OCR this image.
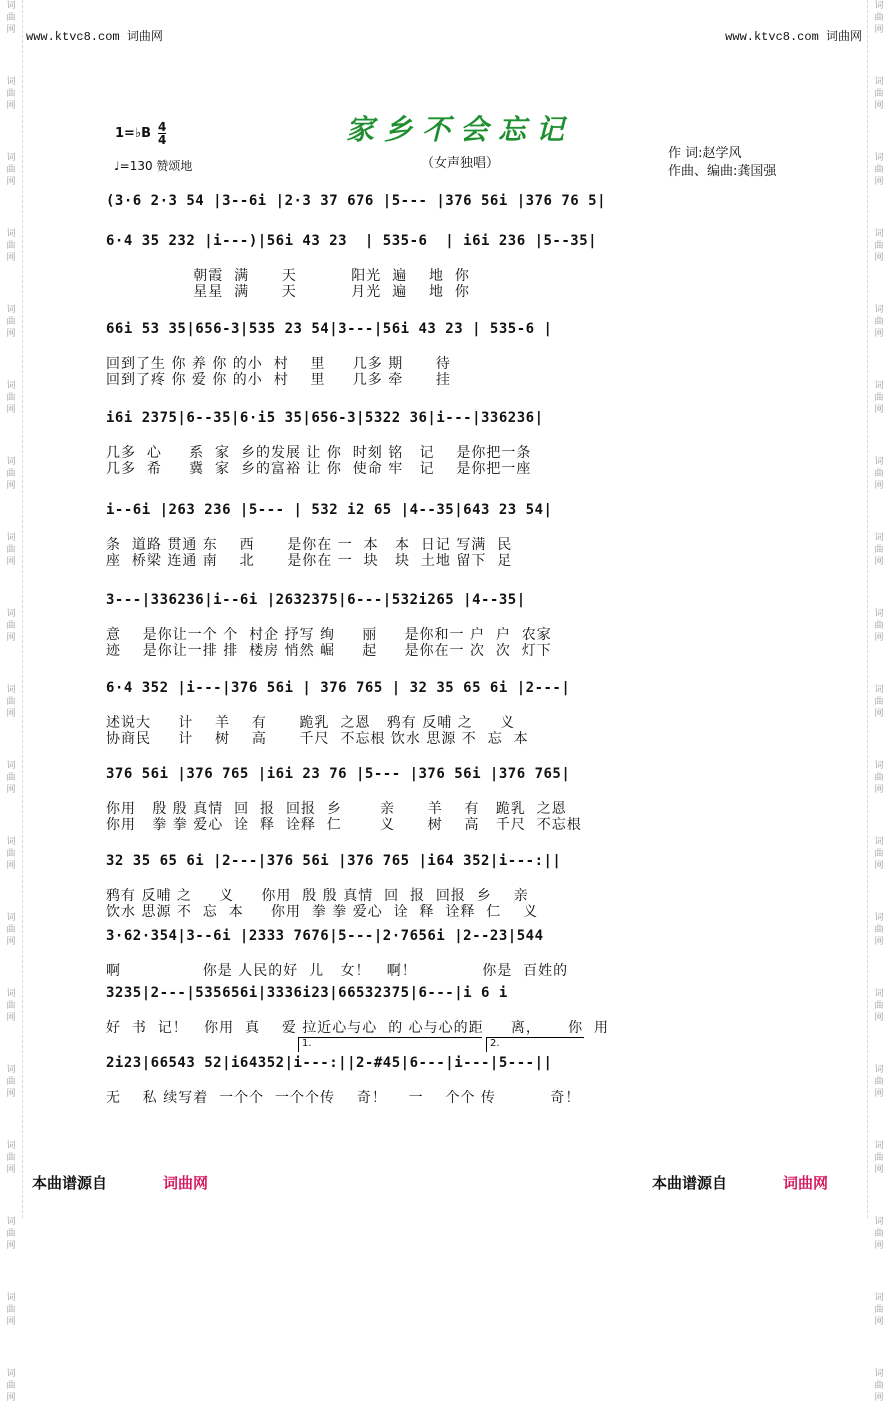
词曲网
词曲网
词曲网
词曲网
词曲网
词曲网
词曲网
词曲网
词曲网
词曲网
词曲网
词曲网
词曲网
词曲网
词曲网
词曲网
词曲网
词曲网
词曲网
词曲网
词曲网
词曲网
词曲网
词曲网
词曲网
词曲网
词曲网
词曲网
词曲网
词曲网
词曲网
词曲网
词曲网
词曲网
词曲网
词曲网
词曲网
词曲网
www.ktvc8.com 词曲网	www.ktvc8.com 词曲网
家乡不会忘记
（女声独唱）
1=♭B 4
4
♩=130 赞颂地
作 词:赵学风
作曲、编曲:龚国强
(3·6 2·3 54 |3--6i |2·3 37 676 |5--- |376 56i |376 76 5|
6·4 35 232 |i---)|56i 43 23  | 535-6  | i6i 236 |5--35|
朝霞  满      天          阳光  遍    地  你
星星  满      天          月光  遍    地  你
66i 53 35|656-3|535 23 54|3---|56i 43 23 | 535-6 |
回到了生 你 养 你 的小  村    里     几多 期      待
回到了疼 你 爱 你 的小  村    里     几多 牵      挂
i6i 2375|6--35|6·i5 35|656-3|5322 36|i---|336236|
几多  心     系  家  乡的发展 让 你  时刻 铭   记    是你把一条
几多  希     冀  家  乡的富裕 让 你  使命 牢   记    是你把一座
i--6i |263 236 |5--- | 532 i2 65 |4--35|643 23 54|
条  道路 贯通 东    西      是你在 一  本   本  日记 写满  民
座  桥梁 连通 南    北      是你在 一  块   块  土地 留下  足
3---|336236|i--6i |2632375|6---|532i265 |4--35|
意    是你让一个 个  村企 抒写 绚     丽     是你和一 户  户  农家
迹    是你让一排 排  楼房 悄然 崛     起     是你在一 次  次  灯下
6·4 352 |i---|376 56i | 376 765 | 32 35 65 6i |2---|
述说大     计    羊    有      跪乳  之恩   鸦有 反哺 之     义
协商民     计    树    高      千尺  不忘根 饮水 思源 不  忘  本
376 56i |376 765 |i6i 23 76 |5--- |376 56i |376 765|
你用   殷 殷 真情  回  报  回报  乡       亲      羊    有   跪乳  之恩
你用   拳 拳 爱心  诠  释  诠释  仁       义      树    高   千尺  不忘根
32 35 65 6i |2---|376 56i |376 765 |i64 352|i---:||
鸦有 反哺 之     义     你用  殷 殷 真情  回  报  回报  乡    亲
饮水 思源 不  忘  本     你用  拳 拳 爱心  诠  释  诠释  仁    义
3·62·354|3--6i |2333 7676|5---|2·7656i |2--23|544
啊               你是 人民的好  儿   女！   啊！            你是  百姓的
3235|2---|535656i|3336i23|66532375|6---|i 6 i
好  书  记！   你用  真    爱 拉近心与心  的 心与心的距     离，     你  用
2i23|66543 52|i64352|i---:||2-#45|6---|i---|5---||
无    私 续写着  一个个  一个个传    奇！    一    个个 传          奇！
1.	2.
本曲谱源自	词曲网	本曲谱源自	词曲网
